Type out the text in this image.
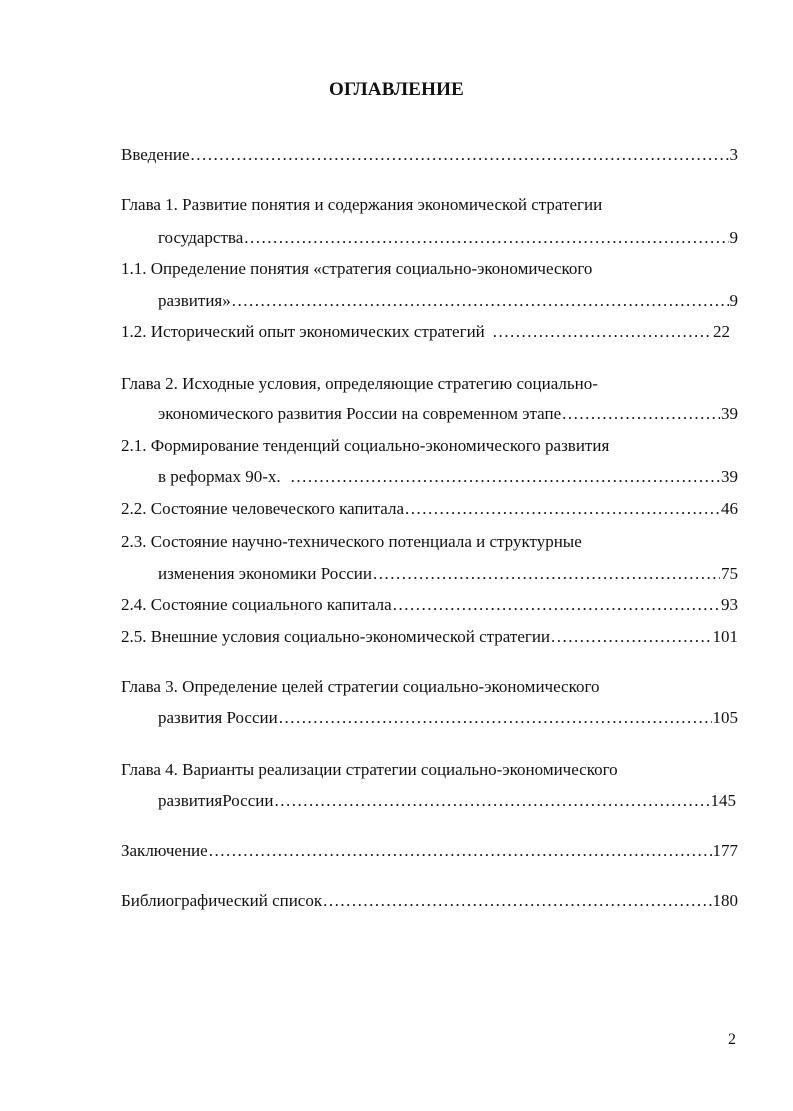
ОГЛАВЛЕНИЕ
Введение .....	3
Глава 1. Развитие понятия и содержания экономической стратегии
государства .....	9
1.1. Определение понятия «стратегия социально-экономического
развития» .....	9
1.2. Исторический опыт экономических стратегий .....	22
Глава 2. Исходные условия, определяющие стратегию социально-
экономического развития России на современном этапе .....	39
2.1. Формирование тенденций социально-экономического развития
в реформах 90-х. .....	39
2.2. Состояние человеческого капитала .....	46
2.3. Состояние научно-технического потенциала и структурные
изменения экономики России .....	75
2.4. Состояние социального капитала .....	93
2.5. Внешние условия социально-экономической стратегии .....	101
Глава 3. Определение целей стратегии социально-экономического
развития России .....	105
Глава 4. Варианты реализации стратегии социально-экономического
развитияРоссии .....	145
Заключение .....	177
Библиографический список .....	180
2
